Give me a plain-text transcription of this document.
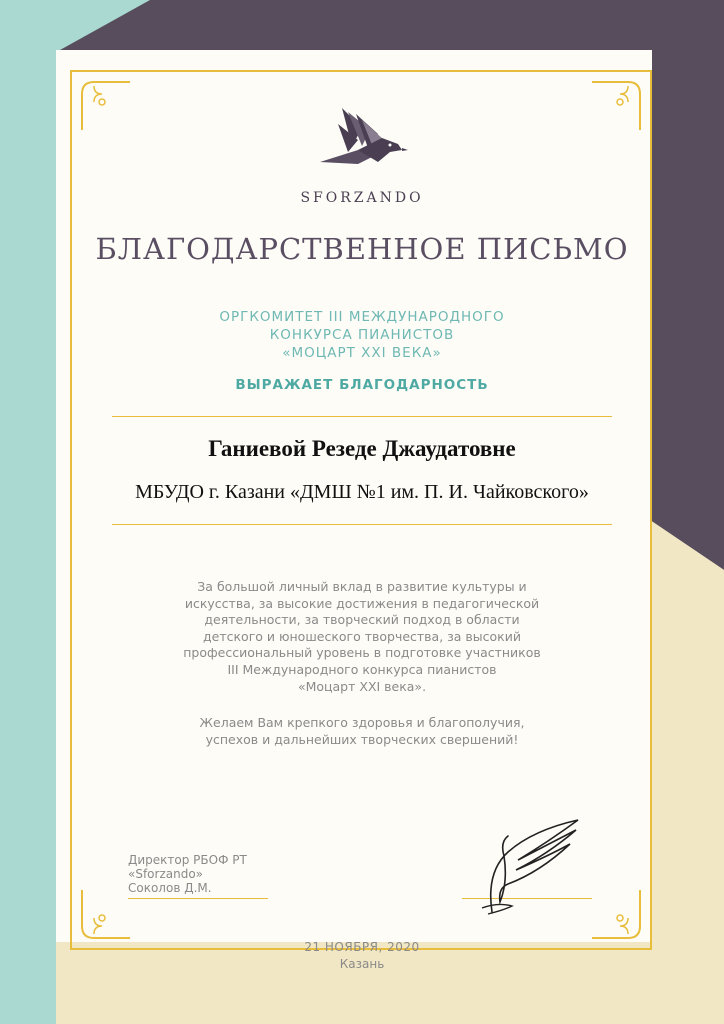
SFORZANDO
БЛАГОДАРСТВЕННОЕ ПИСЬМО
ОРГКОМИТЕТ III МЕЖДУНАРОДНОГО
КОНКУРСА ПИАНИСТОВ
«МОЦАРТ XXI ВЕКА»
ВЫРАЖАЕТ БЛАГОДАРНОСТЬ
Ганиевой Резеде Джаудатовне
МБУДО г. Казани «ДМШ №1 им. П. И. Чайковского»
За большой личный вклад в развитие культуры и
искусства, за высокие достижения в педагогической
деятельности, за творческий подход в области
детского и юношеского творчества, за высокий
профессиональный уровень в подготовке участников
III Международного конкурса пианистов
«Моцарт XXI века».
Желаем Вам крепкого здоровья и благополучия,
успехов и дальнейших творческих свершений!
Директор РБОФ РТ
«Sforzando»
Соколов Д.М.
21 НОЯБРЯ, 2020
Казань
